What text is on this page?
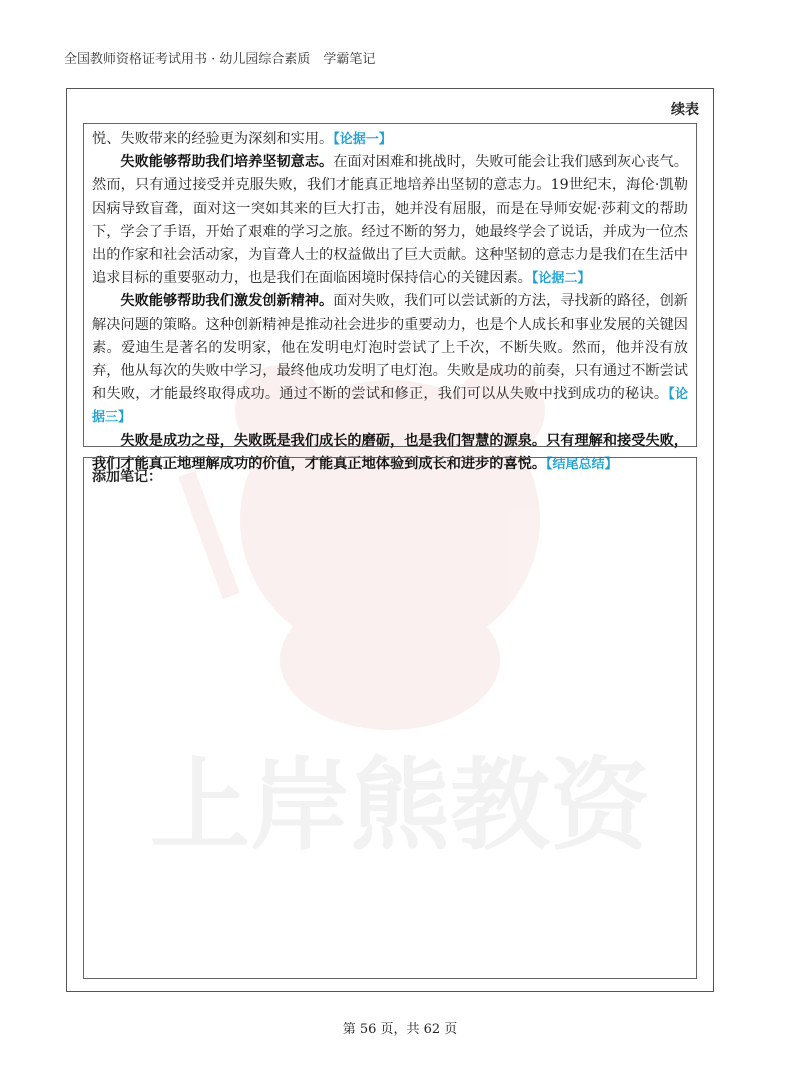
上岸熊教资
全国教师资格证考试用书 · 幼儿园综合素质　学霸笔记
续表

悦、失败带来的经验更为深刻和实用。【论据一】

失败能够帮助我们培养坚韧意志。在面对困难和挑战时，失败可能会让我们感到灰心丧气。然而，只有通过接受并克服失败，我们才能真正地培养出坚韧的意志力。19世纪末，海伦·凯勒因病导致盲聋，面对这一突如其来的巨大打击，她并没有屈服，而是在导师安妮·莎莉文的帮助下，学会了手语，开始了艰难的学习之旅。经过不断的努力，她最终学会了说话，并成为一位杰出的作家和社会活动家，为盲聋人士的权益做出了巨大贡献。这种坚韧的意志力是我们在生活中追求目标的重要驱动力，也是我们在面临困境时保持信心的关键因素。【论据二】

失败能够帮助我们激发创新精神。面对失败，我们可以尝试新的方法，寻找新的路径，创新解决问题的策略。这种创新精神是推动社会进步的重要动力，也是个人成长和事业发展的关键因素。爱迪生是著名的发明家，他在发明电灯泡时尝试了上千次，不断失败。然而，他并没有放弃，他从每次的失败中学习，最终他成功发明了电灯泡。失败是成功的前奏，只有通过不断尝试和失败，才能最终取得成功。通过不断的尝试和修正，我们可以从失败中找到成功的秘诀。【论据三】

失败是成功之母，失败既是我们成长的磨砺，也是我们智慧的源泉。只有理解和接受失败，我们才能真正地理解成功的价值，才能真正地体验到成长和进步的喜悦。【结尾总结】

添加笔记：
第 56 页，共 62 页
